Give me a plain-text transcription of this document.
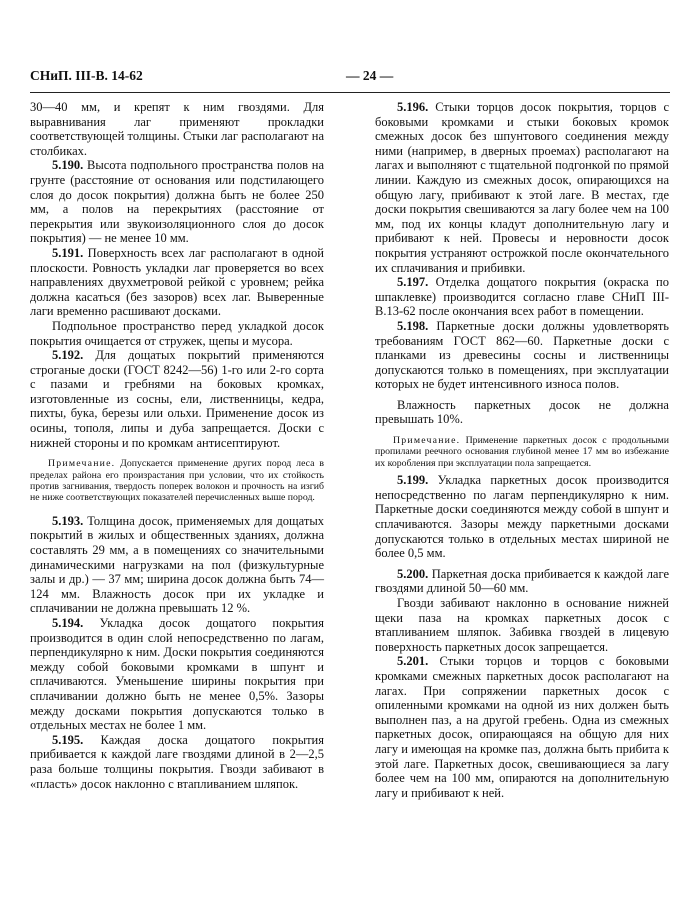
СНиП. III-В. 14-62	— 24 —

30—40 мм, и крепят к ним гвоздями. Для выравнивания лаг применяют прокладки соответствующей толщины. Стыки лаг располагают на столбиках.

5.190. Высота подпольного пространства полов на грунте (расстояние от основания или подстилающего слоя до досок покрытия) должна быть не более 250 мм, а полов на перекрытиях (расстояние от перекрытия или звукоизоляционного слоя до досок покрытия) — не менее 10 мм.

5.191. Поверхность всех лаг располагают в одной плоскости. Ровность укладки лаг проверяется во всех направлениях двухметровой рейкой с уровнем; рейка должна касаться (без зазоров) всех лаг. Выверенные лаги временно расшивают досками.

Подпольное пространство перед укладкой досок покрытия очищается от стружек, щепы и мусора.

5.192. Для дощатых покрытий применяются строганые доски (ГОСТ 8242—56) 1-го или 2-го сорта с пазами и гребнями на боковых кромках, изготовленные из сосны, ели, лиственницы, кедра, пихты, бука, березы или ольхи. Применение досок из осины, тополя, липы и дуба запрещается. Доски с нижней стороны и по кромкам антисептируют.

Примечание. Допускается применение других пород леса в пределах района его произрастания при условии, что их стойкость против загнивания, твердость поперек волокон и прочность на изгиб не ниже соответствующих показателей перечисленных выше пород.

5.193. Толщина досок, применяемых для дощатых покрытий в жилых и общественных зданиях, должна составлять 29 мм, а в помещениях со значительными динамическими нагрузками на пол (физкультурные залы и др.) — 37 мм; ширина досок должна быть 74—124 мм. Влажность досок при их укладке и сплачивании не должна превышать 12 %.

5.194. Укладка досок дощатого покрытия производится в один слой непосредственно по лагам, перпендикулярно к ним. Доски покрытия соединяются между собой боковыми кромками в шпунт и сплачиваются. Уменьшение ширины покрытия при сплачивании должно быть не менее 0,5%. Зазоры между досками покрытия допускаются только в отдельных местах не более 1 мм.

5.195. Каждая доска дощатого покрытия прибивается к каждой лаге гвоздями длиной в 2—2,5 раза больше толщины покрытия. Гвозди забивают в «пласть» досок наклонно с втапливанием шляпок.

5.196. Стыки торцов досок покрытия, торцов с боковыми кромками и стыки боковых кромок смежных досок без шпунтового соединения между ними (например, в дверных проемах) располагают на лагах и выполняют с тщательной подгонкой по прямой линии. Каждую из смежных досок, опирающихся на общую лагу, прибивают к этой лаге. В местах, где доски покрытия свешиваются за лагу более чем на 100 мм, под их концы кладут дополнительную лагу и прибивают к ней. Провесы и неровности досок покрытия устраняют острожкой после окончательного их сплачивания и прибивки.

5.197. Отделка дощатого покрытия (окраска по шпаклевке) производится согласно главе СНиП III-В.13-62 после окончания всех работ в помещении.

5.198. Паркетные доски должны удовлетворять требованиям ГОСТ 862—60. Паркетные доски с планками из древесины сосны и лиственницы допускаются только в помещениях, при эксплуатации которых не будет интенсивного износа полов.

Влажность паркетных досок не должна превышать 10%.

Примечание. Применение паркетных досок с продольными пропилами реечного основания глубиной менее 17 мм во избежание их коробления при эксплуатации пола запрещается.

5.199. Укладка паркетных досок производится непосредственно по лагам перпендикулярно к ним. Паркетные доски соединяются между собой в шпунт и сплачиваются. Зазоры между паркетными досками допускаются только в отдельных местах шириной не более 0,5 мм.

5.200. Паркетная доска прибивается к каждой лаге гвоздями длиной 50—60 мм.

Гвозди забивают наклонно в основание нижней щеки паза на кромках паркетных досок с втапливанием шляпок. Забивка гвоздей в лицевую поверхность паркетных досок запрещается.

5.201. Стыки торцов и торцов с боковыми кромками смежных паркетных досок располагают на лагах. При сопряжении паркетных досок с опиленными кромками на одной из них должен быть выполнен паз, а на другой гребень. Одна из смежных паркетных досок, опирающаяся на общую для них лагу и имеющая на кромке паз, должна быть прибита к этой лаге. Паркетных досок, свешивающиеся за лагу более чем на 100 мм, опираются на дополнительную лагу и прибивают к ней.
